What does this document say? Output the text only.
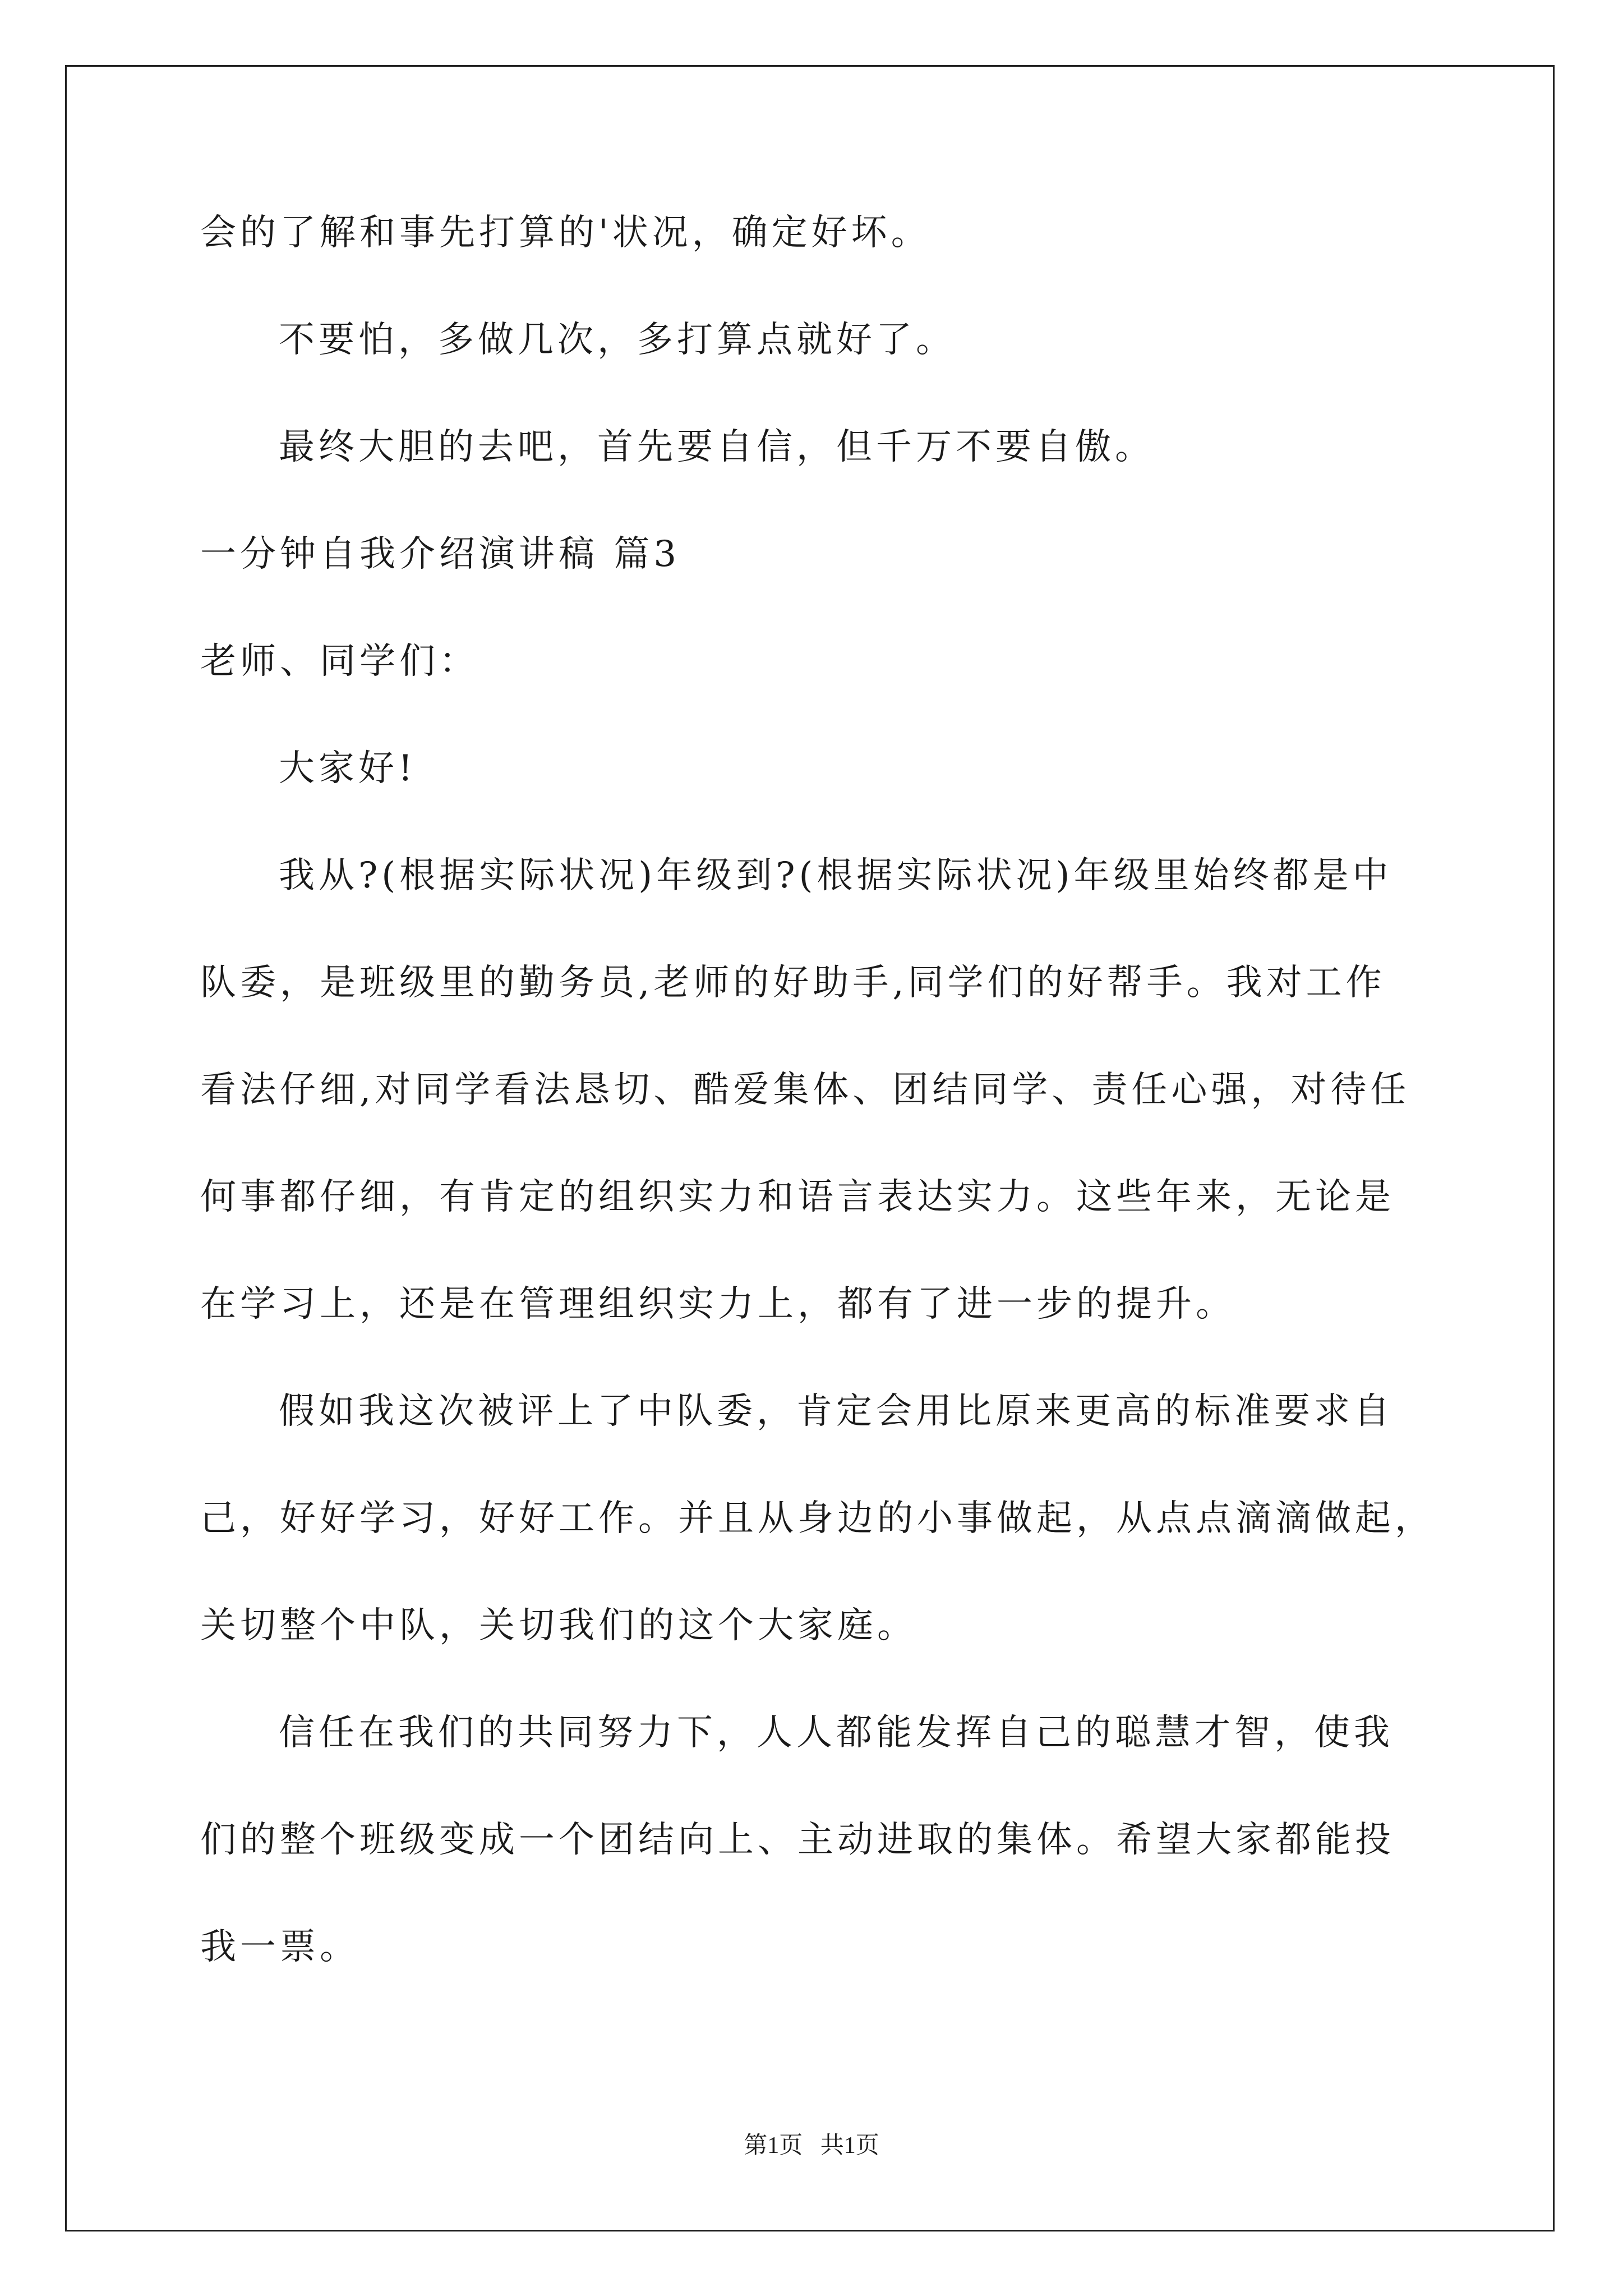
会的了解和事先打算的'状况，确定好坏。

不要怕，多做几次，多打算点就好了。

最终大胆的去吧，首先要自信，但千万不要自傲。

一分钟自我介绍演讲稿 篇3

老师、同学们：

大家好!

我从?(根据实际状况)年级到?(根据实际状况)年级里始终都是中

队委，是班级里的勤务员,老师的好助手,同学们的好帮手。我对工作

看法仔细,对同学看法恳切、酷爱集体、团结同学、责任心强，对待任

何事都仔细，有肯定的组织实力和语言表达实力。这些年来，无论是

在学习上，还是在管理组织实力上，都有了进一步的提升。

假如我这次被评上了中队委，肯定会用比原来更高的标准要求自

己，好好学习，好好工作。并且从身边的小事做起，从点点滴滴做起，

关切整个中队，关切我们的这个大家庭。

信任在我们的共同努力下，人人都能发挥自己的聪慧才智，使我

们的整个班级变成一个团结向上、主动进取的集体。希望大家都能投

我一票。

第1页 共1页
